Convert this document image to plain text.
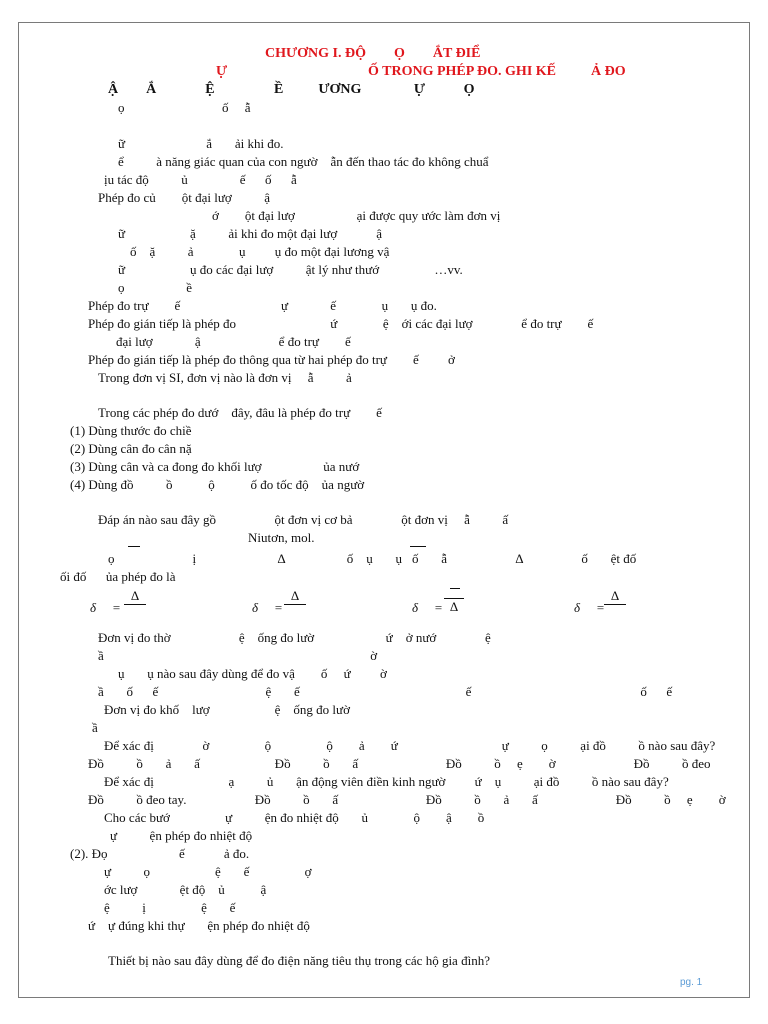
CHƯƠNG I. ĐỘ        Ọ        ẮT ĐIỂ
Ự	Ố TRONG PHÉP ĐO. GHI KẾ          Ả ĐO
Ậ        Ắ              Ệ                 Ề          ƯƠNG               Ự           Ọ
ọ                              ố     ẫ
ữ                         ắ       ải khi đo.
ể          à năng giác quan của con ngườ    ẫn đến thao tác đo không chuẩ
ịu tác độ          ủ                ế      ố      ẫ
Phép đo củ        ột đại lượ          ậ
ớ        ột đại lượ                   ại được quy ước làm đơn vị
ữ                    ặ          ải khi đo một đại lượ            ậ
ố    ặ          ả              ụ         ụ đo một đại lương vậ
ữ                    ụ đo các đại lượ          ật lý như thướ                 …vv.
ọ                   ề
Phép đo trự        ế                               ự             ế              ụ       ụ đo.
Phép đo gián tiếp là phép đo                             ứ              ệ    ới các đại lượ               ể đo trự        ế
đại lượ             ậ                        ể đo trự        ế
Phép đo gián tiếp là phép đo thông qua từ hai phép đo trự        ế         ở
Trong đơn vị SI, đơn vị nào là đơn vị     ẫ          ả
Trong các phép đo dướ    đây, đâu là phép đo trự        ế
(1) Dùng thước đo chiề
(2) Dùng cân đo cân nặ
(3) Dùng cân và ca đong đo khối lượ                   ủa nướ
(4) Dùng đồ          ồ           ộ           ố đo tốc độ    ủa ngườ
Đáp án nào sau đây gồ                  ột đơn vị cơ bả               ột đơn vị     ẫ          ấ
Niutơn, mol.
ọ                        ị                         Δ                   ố    ụ       ụ ố       ẫ                     Δ                  ố       ệt đố
ối đố      ủa phép đo là
δ =
Δ
δ =
Δ
δ = Δ	δ =
Δ
Đơn vị đo thờ                     ệ    ống đo lườ                      ứ    ở nướ               ệ
ầ                                                                                  ờ
ụ       ụ nào sau đây dùng để đo vậ        ố     ứ         ờ
ầ       ố      ế                                 ệ       ế                                                   ế                                                    ố      ế
Đơn vị đo khố    lượ                    ệ    ống đo lườ
ầ
Để xác đị               ờ                 ộ                 ộ        ả        ứ                                ự          ọ          ại đồ          ồ nào sau đây?
Đồ          ồ       ả       ấ                       Đồ          ồ       ấ                           Đồ          ồ     ẹ        ờ                        Đồ          ồ đeo
Để xác đị                       ạ          ủ       ận động viên điền kinh ngườ         ứ    ụ          ại đồ          ồ nào sau đây?
Đồ          ồ đeo tay.                     Đồ          ồ       ấ                           Đồ          ồ       ả       ấ                        Đồ          ồ     ẹ        ờ
Cho các bướ                 ự          ện đo nhiệt độ       ủ              ộ        ậ        ồ
ự          ện phép đo nhiệt độ
(2). Đọ                      ế            ả đo.
ự          ọ                    ệ       ế                 ợ
ớc lượ             ệt độ    ủ           ậ
ệ          ị                 ệ       ế
ứ    ự đúng khi thự       ện phép đo nhiệt độ
Thiết bị nào sau đây dùng để đo điện năng tiêu thụ trong các hộ gia đình?
pg. 1
